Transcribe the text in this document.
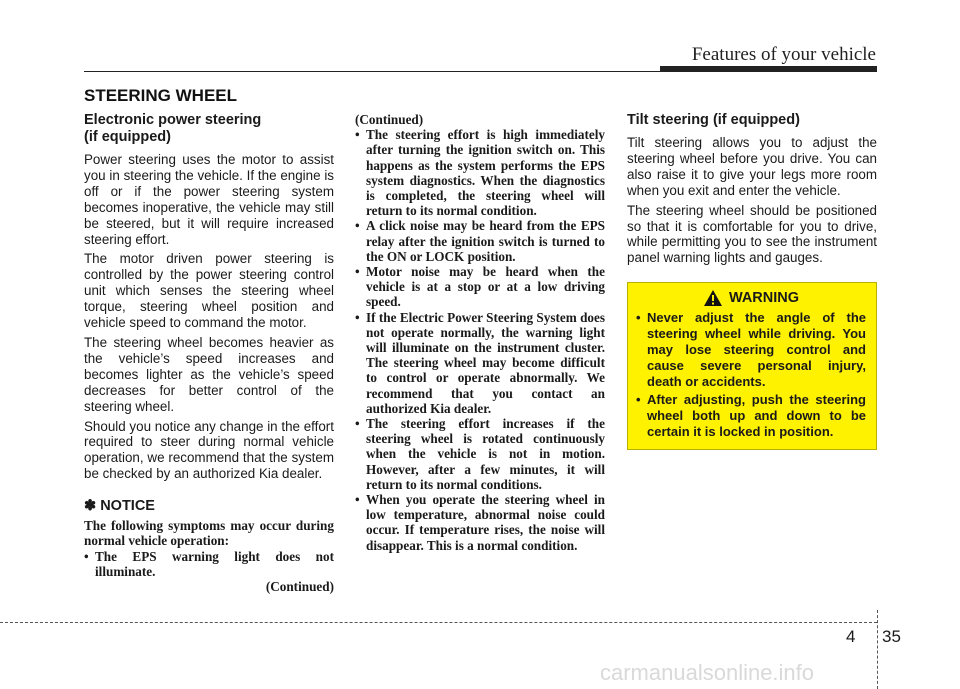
Features of your vehicle
STEERING WHEEL
Electronic power steering
(if equipped)

Power steering uses the motor to assist you in steering the vehicle. If the engine is off or if the power steering system becomes inoperative, the vehicle may still be steered, but it will require increased steering effort.

The motor driven power steering is controlled by the power steering control unit which senses the steering wheel torque, steering wheel position and vehicle speed to command the motor.

The steering wheel becomes heavier as the vehicle’s speed increases and becomes lighter as the vehicle’s speed decreases for better control of the steering wheel.

Should you notice any change in the effort required to steer during normal vehicle operation, we recommend that the system be checked by an authorized Kia dealer.

✽ NOTICE

The following symptoms may occur during normal vehicle operation:

• The EPS warning light does not illuminate.

(Continued)

(Continued)

• The steering effort is high immediately after turning the ignition switch on. This happens as the system performs the EPS system diagnostics. When the diagnostics is completed, the steering wheel will return to its normal condition.
• A click noise may be heard from the EPS relay after the ignition switch is turned to the ON or LOCK position.
• Motor noise may be heard when the vehicle is at a stop or at a low driving speed.
• If the Electric Power Steering System does not operate normally, the warning light will illuminate on the instrument cluster. The steering wheel may become difficult to control or operate abnormally. We recommend that you contact an authorized Kia dealer.
• The steering effort increases if the steering wheel is rotated continuously when the vehicle is not in motion. However, after a few minutes, it will return to its normal conditions.
• When you operate the steering wheel in low temperature, abnormal noise could occur. If temperature rises, the noise will disappear. This is a normal condition.
Tilt steering (if equipped)

Tilt steering allows you to adjust the steering wheel before you drive. You can also raise it to give your legs more room when you exit and enter the vehicle.

The steering wheel should be positioned so that it is comfortable for you to drive, while permitting you to see the instrument panel warning lights and gauges.

WARNING
• Never adjust the angle of the steering wheel while driving. You may lose steering control and cause severe personal injury, death or accidents.
• After adjusting, push the steering wheel both up and down to be certain it is locked in position.
4 35
carmanualsonline.info
